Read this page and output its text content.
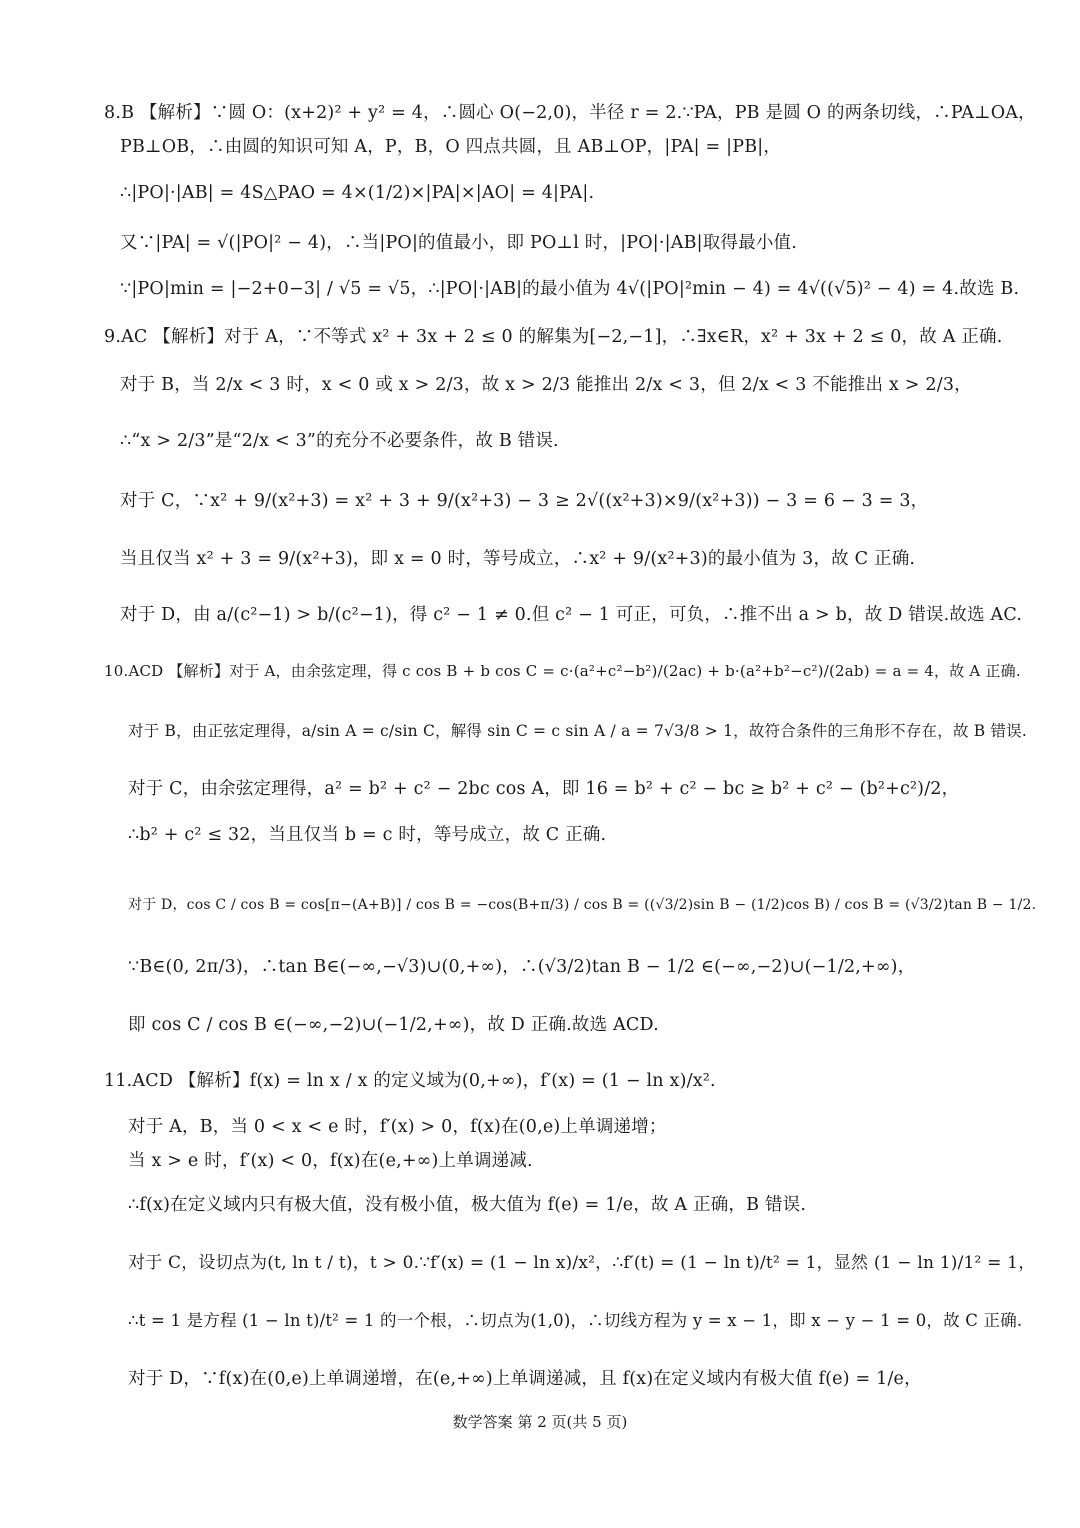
8.B 【解析】∵圆 O：(x+2)² + y² = 4，∴圆心 O(−2,0)，半径 r = 2.∵PA，PB 是圆 O 的两条切线，∴PA⊥OA，
PB⊥OB，∴由圆的知识可知 A，P，B，O 四点共圆，且 AB⊥OP，|PA| = |PB|，
∴|PO|·|AB| = 4S△PAO = 4×(1/2)×|PA|×|AO| = 4|PA|.
又∵|PA| = √(|PO|² − 4)，∴当|PO|的值最小，即 PO⊥l 时，|PO|·|AB|取得最小值.
∵|PO|min = |−2+0−3| / √5 = √5，∴|PO|·|AB|的最小值为 4√(|PO|²min − 4) = 4√((√5)² − 4) = 4.故选 B.
9.AC 【解析】对于 A，∵不等式 x² + 3x + 2 ≤ 0 的解集为[−2,−1]，∴∃x∈R，x² + 3x + 2 ≤ 0，故 A 正确.
对于 B，当 2/x < 3 时，x < 0 或 x > 2/3，故 x > 2/3 能推出 2/x < 3，但 2/x < 3 不能推出 x > 2/3，
∴“x > 2/3”是“2/x < 3”的充分不必要条件，故 B 错误.
对于 C，∵x² + 9/(x²+3) = x² + 3 + 9/(x²+3) − 3 ≥ 2√((x²+3)×9/(x²+3)) − 3 = 6 − 3 = 3，
当且仅当 x² + 3 = 9/(x²+3)，即 x = 0 时，等号成立，∴x² + 9/(x²+3)的最小值为 3，故 C 正确.
对于 D，由 a/(c²−1) > b/(c²−1)，得 c² − 1 ≠ 0.但 c² − 1 可正，可负，∴推不出 a > b，故 D 错误.故选 AC.
10.ACD 【解析】对于 A，由余弦定理，得 c cos B + b cos C = c·(a²+c²−b²)/(2ac) + b·(a²+b²−c²)/(2ab) = a = 4，故 A 正确.
对于 B，由正弦定理得，a/sin A = c/sin C，解得 sin C = c sin A / a = 7√3/8 > 1，故符合条件的三角形不存在，故 B 错误.
对于 C，由余弦定理得，a² = b² + c² − 2bc cos A，即 16 = b² + c² − bc ≥ b² + c² − (b²+c²)/2，
∴b² + c² ≤ 32，当且仅当 b = c 时，等号成立，故 C 正确.
对于 D，cos C / cos B = cos[π−(A+B)] / cos B = −cos(B+π/3) / cos B = ((√3/2)sin B − (1/2)cos B) / cos B = (√3/2)tan B − 1/2.
∵B∈(0, 2π/3)，∴tan B∈(−∞,−√3)∪(0,+∞)，∴(√3/2)tan B − 1/2 ∈(−∞,−2)∪(−1/2,+∞)，
即 cos C / cos B ∈(−∞,−2)∪(−1/2,+∞)，故 D 正确.故选 ACD.
11.ACD 【解析】f(x) = ln x / x 的定义域为(0,+∞)，f′(x) = (1 − ln x)/x².
对于 A，B，当 0 < x < e 时，f′(x) > 0，f(x)在(0,e)上单调递增；
当 x > e 时，f′(x) < 0，f(x)在(e,+∞)上单调递减.
∴f(x)在定义域内只有极大值，没有极小值，极大值为 f(e) = 1/e，故 A 正确，B 错误.
对于 C，设切点为(t, ln t / t)，t > 0.∵f′(x) = (1 − ln x)/x²，∴f′(t) = (1 − ln t)/t² = 1，显然 (1 − ln 1)/1² = 1，
∴t = 1 是方程 (1 − ln t)/t² = 1 的一个根，∴切点为(1,0)，∴切线方程为 y = x − 1，即 x − y − 1 = 0，故 C 正确.
对于 D，∵f(x)在(0,e)上单调递增，在(e,+∞)上单调递减，且 f(x)在定义域内有极大值 f(e) = 1/e，
数学答案 第 2 页(共 5 页)
